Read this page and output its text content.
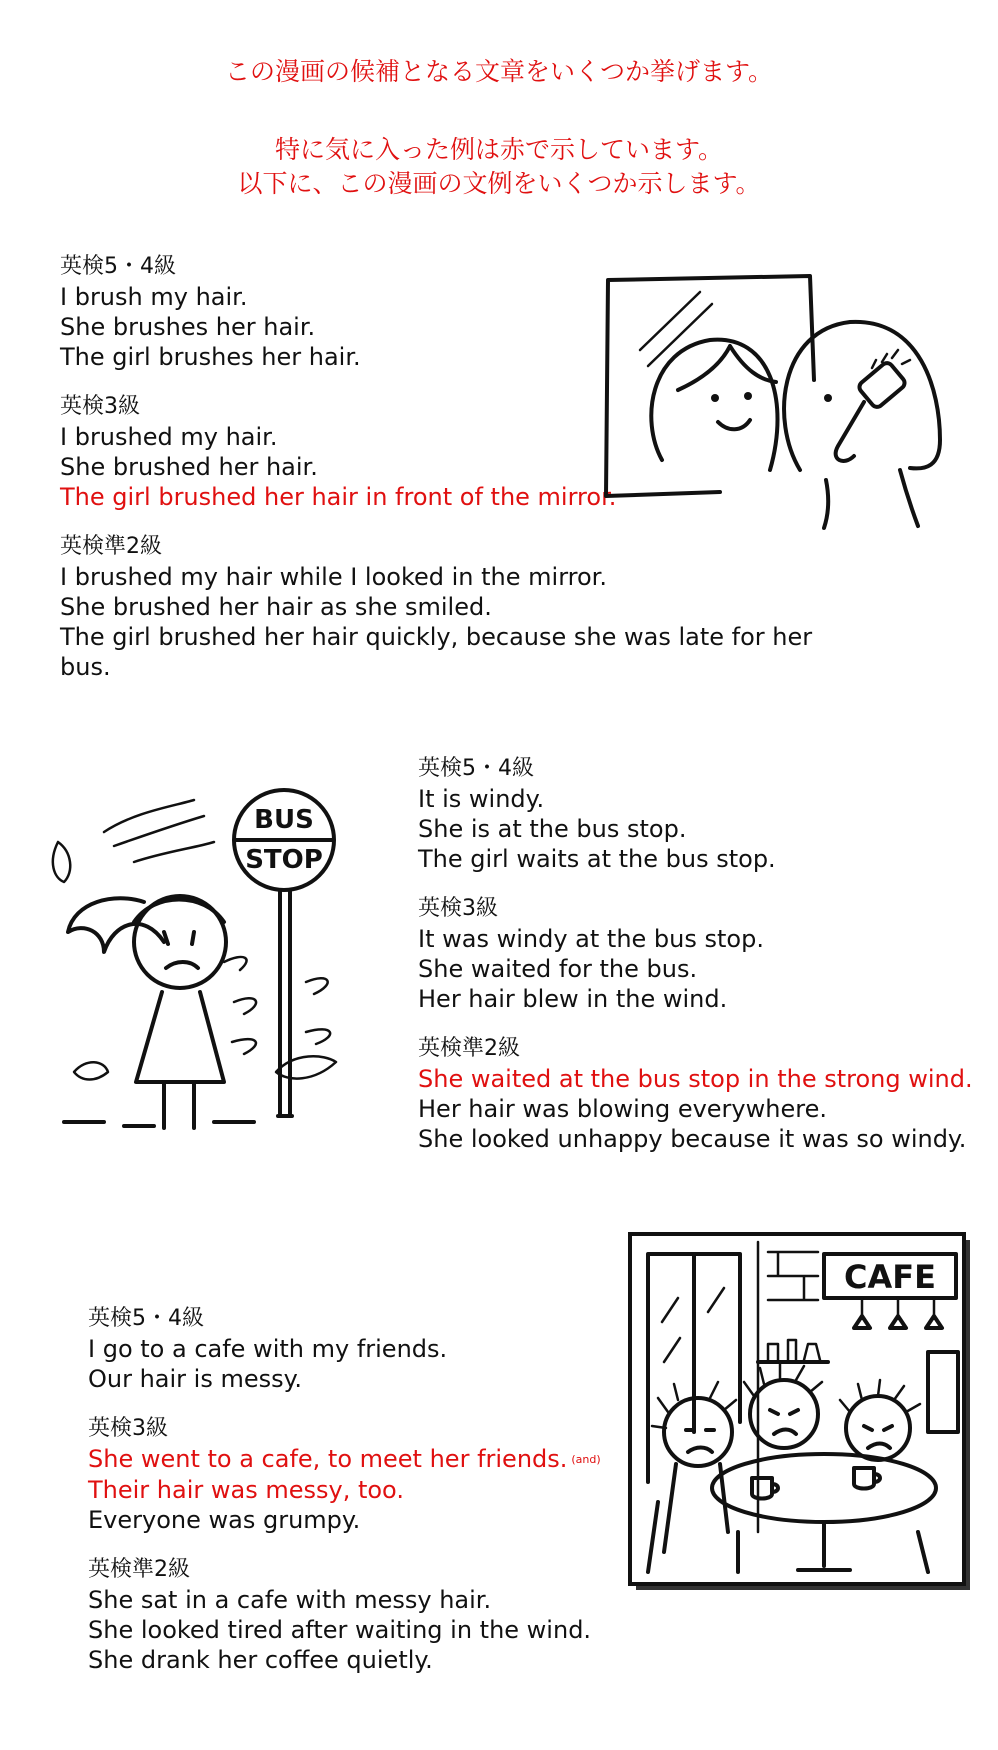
この漫画の候補となる文章をいくつか挙げます。
特に気に入った例は赤で示しています。
以下に、この漫画の文例をいくつか示します。
英検5・4級
I brush my hair.
She brushes her hair.
The girl brushes her hair.
英検3級
I brushed my hair.
She brushed her hair.
The girl brushed her hair in front of the mirror.
英検準2級
I brushed my hair while I looked in the mirror.
She brushed her hair as she smiled.
The girl brushed her hair quickly, because she was late for her bus.
BUS
STOP
英検5・4級
It is windy.
She is at the bus stop.
The girl waits at the bus stop.
英検3級
It was windy at the bus stop.
She waited for the bus.
Her hair blew in the wind.
英検準2級
She waited at the bus stop in the strong wind.
Her hair was blowing everywhere.
She looked unhappy because it was so windy.
英検5・4級
I go to a cafe with my friends.
Our hair is messy.
英検3級
She went to a cafe, to meet her friends. (and)
Their hair was messy, too.
Everyone was grumpy.
英検準2級
She sat in a cafe with messy hair.
She looked tired after waiting in the wind.
She drank her coffee quietly.
CAFE
